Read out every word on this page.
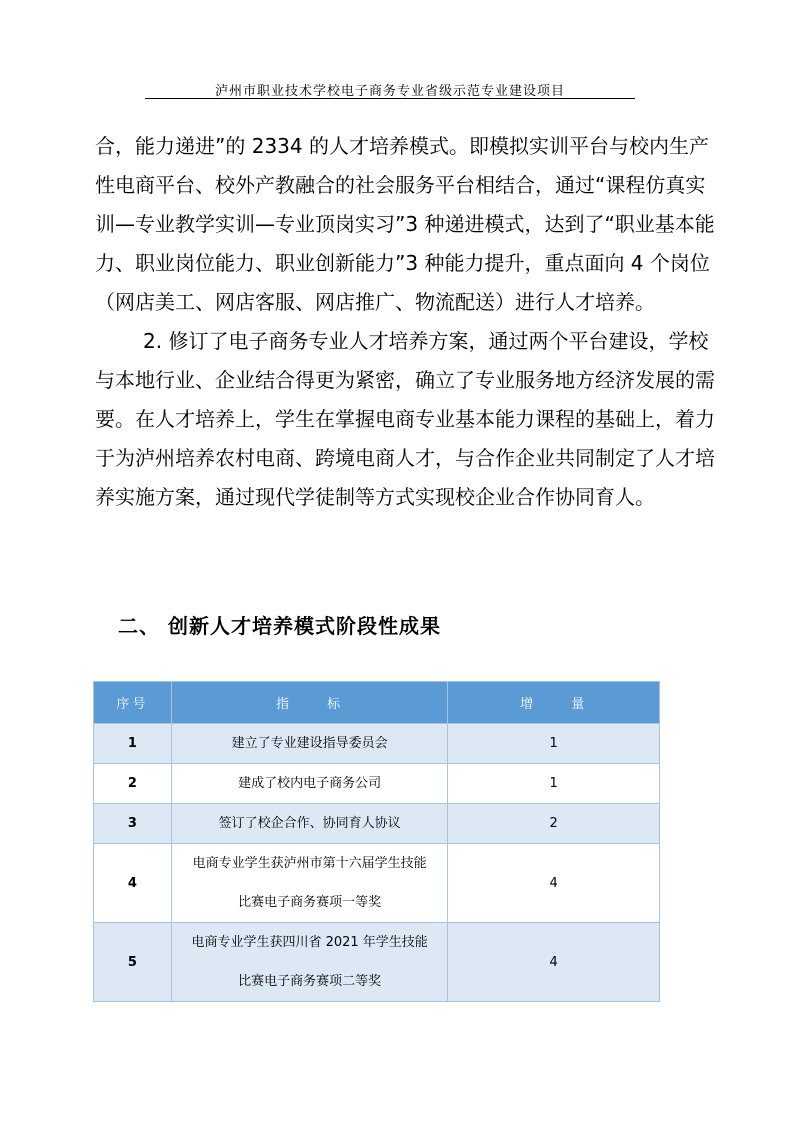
泸州市职业技术学校电子商务专业省级示范专业建设项目

合，能力递进”的 2334 的人才培养模式。即模拟实训平台与校内生产性电商平台、校外产教融合的社会服务平台相结合，通过“课程仿真实训—专业教学实训—专业顶岗实习”3 种递进模式，达到了“职业基本能力、职业岗位能力、职业创新能力”3 种能力提升，重点面向 4 个岗位（网店美工、网店客服、网店推广、物流配送）进行人才培养。

2. 修订了电子商务专业人才培养方案，通过两个平台建设，学校与本地行业、企业结合得更为紧密，确立了专业服务地方经济发展的需要。在人才培养上，学生在掌握电商专业基本能力课程的基础上，着力于为泸州培养农村电商、跨境电商人才，与合作企业共同制定了人才培养实施方案，通过现代学徒制等方式实现校企业合作协同育人。

二、 创新人才培养模式阶段性成果
序号	指 标	增 量
1	建立了专业建设指导委员会	1
2	建成了校内电子商务公司	1
3	签订了校企合作、协同育人协议	2
4	电商专业学生获泸州市第十六届学生技能
比赛电子商务赛项一等奖	4
5	电商专业学生获四川省 2021 年学生技能
比赛电子商务赛项二等奖	4
